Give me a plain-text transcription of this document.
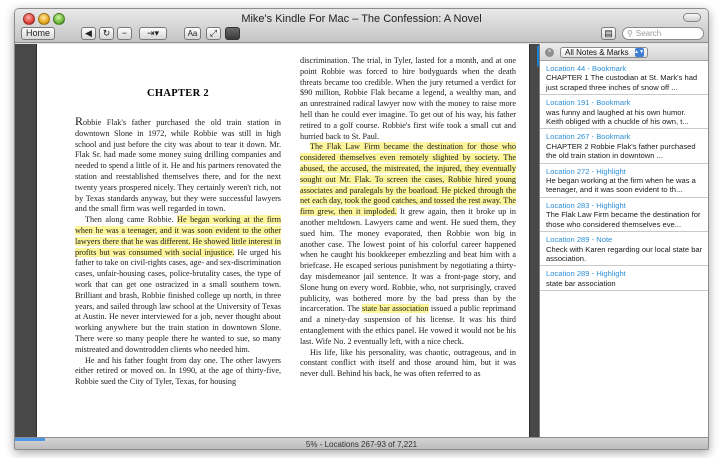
Mike's Kindle For Mac – The Confession: A Novel
Home	◀	↻	−	⇥▾	Aa	⤢	▤	⚲ Search
CHAPTER 2

Robbie Flak's father purchased the old train station in downtown Slone in 1972, while Robbie was still in high school and just before the city was about to tear it down. Mr. Flak Sr. had made some money suing drilling companies and needed to spend a little of it. He and his partners renovated the station and reestablished themselves there, and for the next twenty years prospered nicely. They certainly weren't rich, not by Texas standards anyway, but they were successful lawyers and the small firm was well regarded in town.

Then along came Robbie. He began working at the firm when he was a teenager, and it was soon evident to the other lawyers there that he was different. He showed little interest in profits but was consumed with social injustice. He urged his father to take on civil-rights cases, age- and sex-discrimination cases, unfair-housing cases, police-brutality cases, the type of work that can get one ostracized in a small southern town. Brilliant and brash, Robbie finished college up north, in three years, and sailed through law school at the University of Texas at Austin. He never interviewed for a job, never thought about working anywhere but the train station in downtown Slone. There were so many people there he wanted to sue, so many mistreated and downtrodden clients who needed him.

He and his father fought from day one. The other lawyers either retired or moved on. In 1990, at the age of thirty-five, Robbie sued the City of Tyler, Texas, for housing

discrimination. The trial, in Tyler, lasted for a month, and at one point Robbie was forced to hire bodyguards when the death threats became too credible. When the jury returned a verdict for $90 million, Robbie Flak became a legend, a wealthy man, and an unrestrained radical lawyer now with the money to raise more hell than he could ever imagine. To get out of his way, his father retired to a golf course. Robbie's first wife took a small cut and hurried back to St. Paul.

The Flak Law Firm became the destination for those who considered themselves even remotely slighted by society. The abused, the accused, the mistreated, the injured, they eventually sought out Mr. Flak. To screen the cases, Robbie hired young associates and paralegals by the boatload. He picked through the net each day, took the good catches, and tossed the rest away. The firm grew, then it imploded. It grew again, then it broke up in another meltdown. Lawyers came and went. He sued them, they sued him. The money evaporated, then Robbie won big in another case. The lowest point of his colorful career happened when he caught his bookkeeper embezzling and beat him with a briefcase. He escaped serious punishment by negotiating a thirty-day misdemeanor jail sentence. It was a front-page story, and Slone hung on every word. Robbie, who, not surprisingly, craved publicity, was bothered more by the bad press than by the incarceration. The state bar association issued a public reprimand and a ninety-day suspension of his license. It was his third entanglement with the ethics panel. He vowed it would not be his last. Wife No. 2 eventually left, with a nice check.

His life, like his personality, was chaotic, outrageous, and in constant conflict with itself and those around him, but it was never dull. Behind his back, he was often referred to as

×	All Notes & Marks ▲▼
Location 44 - Bookmark
CHAPTER 1 The custodian at St. Mark's had just scraped three inches of snow off ...
Location 191 - Bookmark
was funny and laughed at his own humor. Keith obliged with a chuckle of his own, t...
Location 267 - Bookmark
CHAPTER 2 Robbie Flak's father purchased the old train station in downtown ...
Location 272 - Highlight
He began working at the firm when he was a teenager, and it was soon evident to th...
Location 283 - Highlight
The Flak Law Firm became the destination for those who considered themselves eve...
Location 289 - Note
Check with Karen regarding our local state bar association.
Location 289 - Highlight
state bar association
5% - Locations 267-93 of 7,221
